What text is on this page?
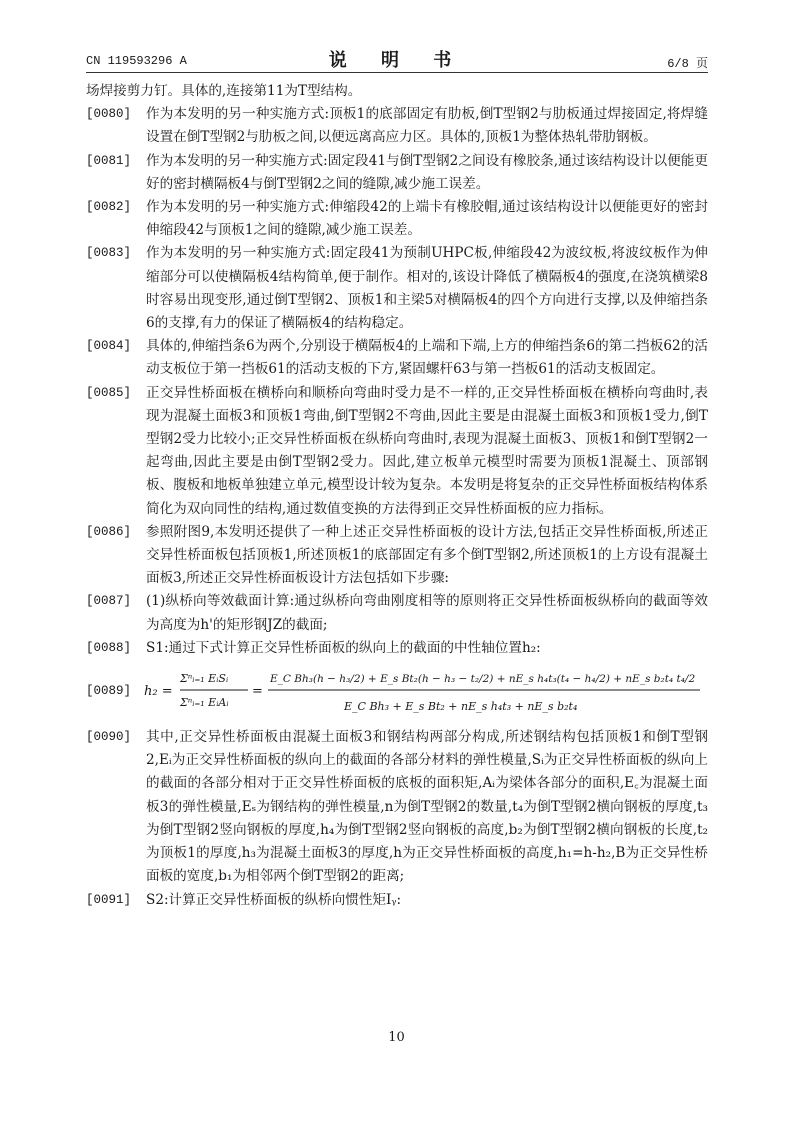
CN 119593296 A	说 明 书	6/8 页

场焊接剪力钉。具体的,连接第11为T型结构。

[0080] 作为本发明的另一种实施方式:顶板1的底部固定有肋板,倒T型钢2与肋板通过焊接固定,将焊缝设置在倒T型钢2与肋板之间,以便远离高应力区。具体的,顶板1为整体热轧带肋钢板。

[0081] 作为本发明的另一种实施方式:固定段41与倒T型钢2之间设有橡胶条,通过该结构设计以便能更好的密封横隔板4与倒T型钢2之间的缝隙,减少施工误差。

[0082] 作为本发明的另一种实施方式:伸缩段42的上端卡有橡胶帽,通过该结构设计以便能更好的密封伸缩段42与顶板1之间的缝隙,减少施工误差。

[0083] 作为本发明的另一种实施方式:固定段41为预制UHPC板,伸缩段42为波纹板,将波纹板作为伸缩部分可以使横隔板4结构简单,便于制作。相对的,该设计降低了横隔板4的强度,在浇筑横梁8时容易出现变形,通过倒T型钢2、顶板1和主梁5对横隔板4的四个方向进行支撑,以及伸缩挡条6的支撑,有力的保证了横隔板4的结构稳定。

[0084] 具体的,伸缩挡条6为两个,分别设于横隔板4的上端和下端,上方的伸缩挡条6的第二挡板62的活动支板位于第一挡板61的活动支板的下方,紧固螺杆63与第一挡板61的活动支板固定。

[0085] 正交异性桥面板在横桥向和顺桥向弯曲时受力是不一样的,正交异性桥面板在横桥向弯曲时,表现为混凝土面板3和顶板1弯曲,倒T型钢2不弯曲,因此主要是由混凝土面板3和顶板1受力,倒T型钢2受力比较小;正交异性桥面板在纵桥向弯曲时,表现为混凝土面板3、顶板1和倒T型钢2一起弯曲,因此主要是由倒T型钢2受力。因此,建立板单元模型时需要为顶板1混凝土、顶部钢板、腹板和地板单独建立单元,模型设计较为复杂。本发明是将复杂的正交异性桥面板结构体系简化为双向同性的结构,通过数值变换的方法得到正交异性桥面板的应力指标。

[0086] 参照附图9,本发明还提供了一种上述正交异性桥面板的设计方法,包括正交异性桥面板,所述正交异性桥面板包括顶板1,所述顶板1的底部固定有多个倒T型钢2,所述顶板1的上方设有混凝土面板3,所述正交异性桥面板设计方法包括如下步骤:

[0087] (1)纵桥向等效截面计算:通过纵桥向弯曲刚度相等的原则将正交异性桥面板纵桥向的截面等效为高度为h'的矩形钢JZ的截面;

[0088] S1:通过下式计算正交异性桥面板的纵向上的截面的中性轴位置h₂:

[0089] h₂ =
Σⁿᵢ₌₁ EᵢSᵢ
Σⁿᵢ₌₁ EᵢAᵢ
=
E_C Bh₃(h − h₃/2) + E_s Bt₂(h − h₃ − t₂/2) + nE_s h₄t₃(t₄ − h₄/2) + nE_s b₂t₄ t₄/2
E_C Bh₃ + E_s Bt₂ + nE_s h₄t₃ + nE_s b₂t₄

[0090] 其中,正交异性桥面板由混凝土面板3和钢结构两部分构成,所述钢结构包括顶板1和倒T型钢2,Eᵢ为正交异性桥面板的纵向上的截面的各部分材料的弹性模量,Sᵢ为正交异性桥面板的纵向上的截面的各部分相对于正交异性桥面板的底板的面积矩,Aᵢ为梁体各部分的面积,E꜀为混凝土面板3的弹性模量,Eₛ为钢结构的弹性模量,n为倒T型钢2的数量,t₄为倒T型钢2横向钢板的厚度,t₃为倒T型钢2竖向钢板的厚度,h₄为倒T型钢2竖向钢板的高度,b₂为倒T型钢2横向钢板的长度,t₂为顶板1的厚度,h₃为混凝土面板3的厚度,h为正交异性桥面板的高度,h₁=h-h₂,B为正交异性桥面板的宽度,b₁为相邻两个倒T型钢2的距离;

[0091] S2:计算正交异性桥面板的纵桥向惯性矩Iᵧ:

10
